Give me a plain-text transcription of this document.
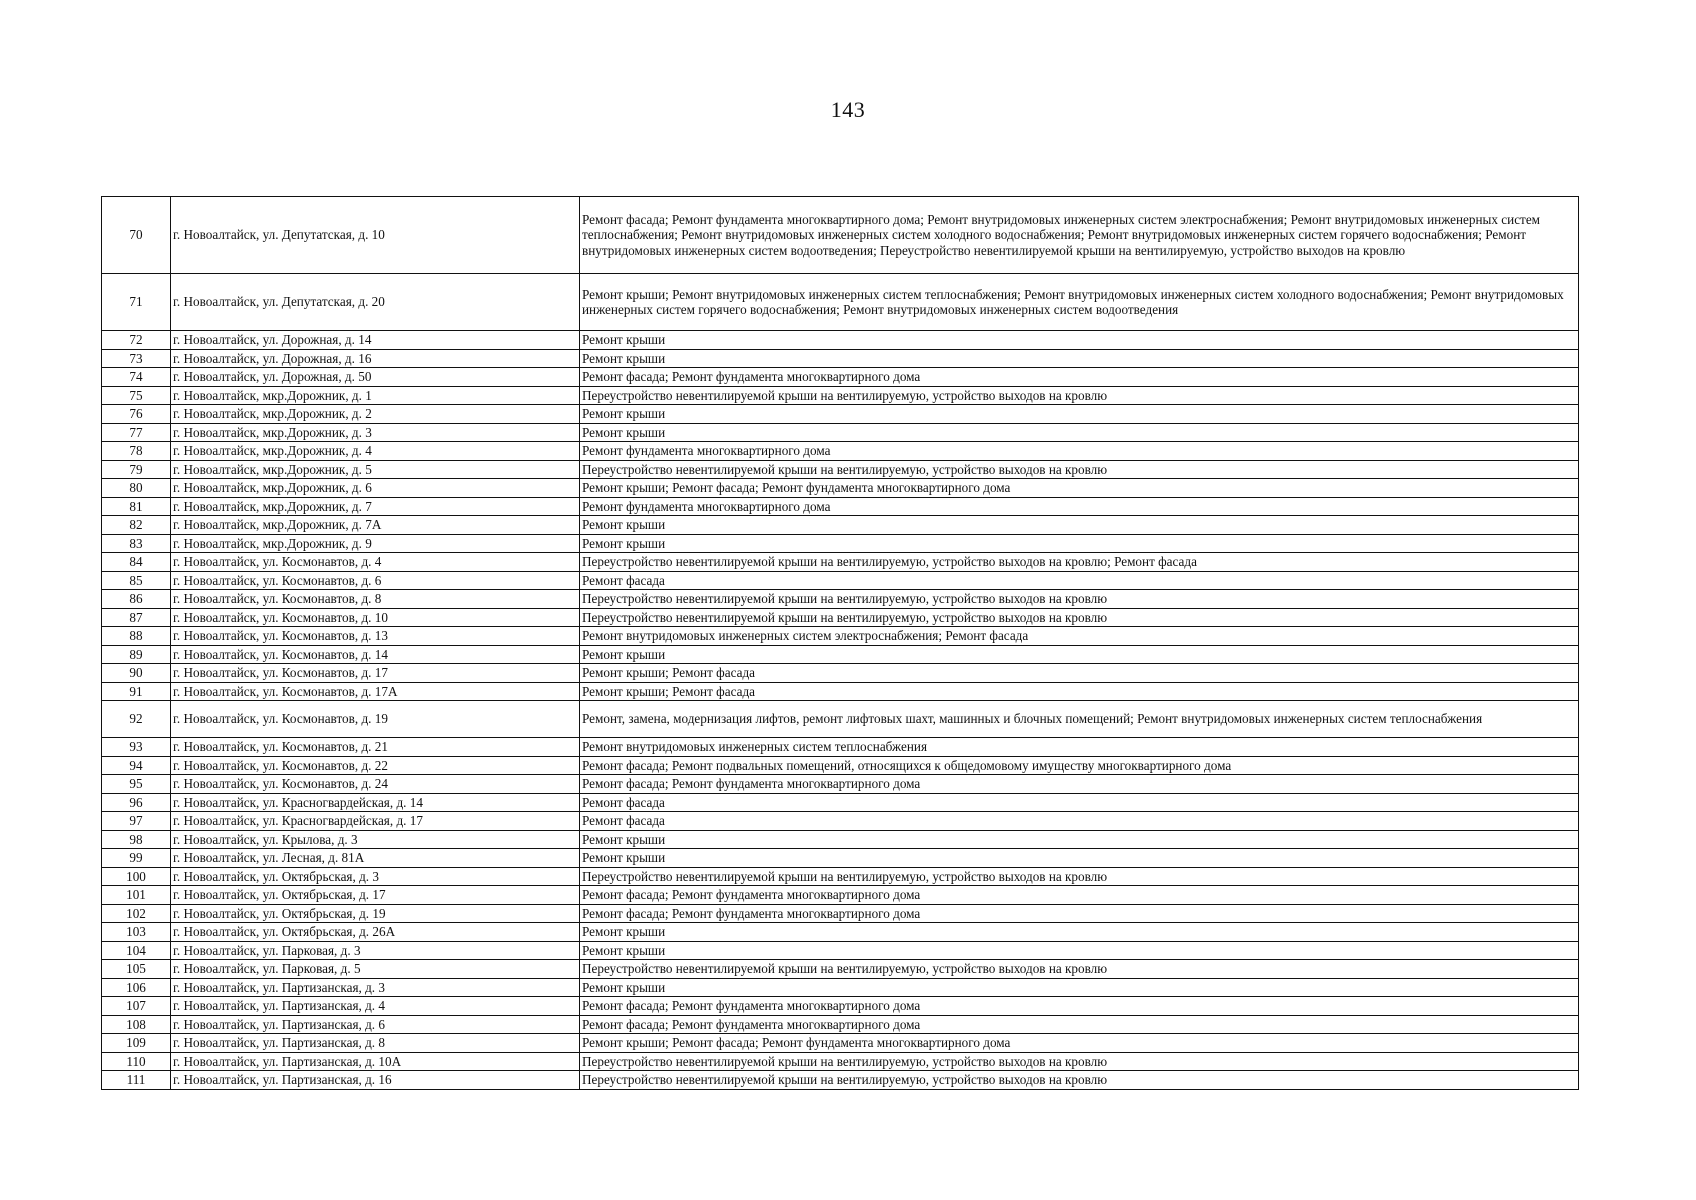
143
70	г. Новоалтайск, ул. Депутатская, д. 10	Ремонт фасада; Ремонт фундамента многоквартирного дома; Ремонт внутридомовых инженерных систем электроснабжения; Ремонт внутридомовых инженерных систем теплоснабжения; Ремонт внутридомовых инженерных систем холодного водоснабжения; Ремонт внутридомовых инженерных систем горячего водоснабжения; Ремонт внутридомовых инженерных систем водоотведения; Переустройство невентилируемой крыши на вентилируемую, устройство выходов на кровлю
71	г. Новоалтайск, ул. Депутатская, д. 20	Ремонт крыши; Ремонт внутридомовых инженерных систем теплоснабжения; Ремонт внутридомовых инженерных систем холодного водоснабжения; Ремонт внутридомовых инженерных систем горячего водоснабжения; Ремонт внутридомовых инженерных систем водоотведения
72	г. Новоалтайск, ул. Дорожная, д. 14	Ремонт крыши
73	г. Новоалтайск, ул. Дорожная, д. 16	Ремонт крыши
74	г. Новоалтайск, ул. Дорожная, д. 50	Ремонт фасада; Ремонт фундамента многоквартирного дома
75	г. Новоалтайск, мкр.Дорожник, д. 1	Переустройство невентилируемой крыши на вентилируемую, устройство выходов на кровлю
76	г. Новоалтайск, мкр.Дорожник, д. 2	Ремонт крыши
77	г. Новоалтайск, мкр.Дорожник, д. 3	Ремонт крыши
78	г. Новоалтайск, мкр.Дорожник, д. 4	Ремонт фундамента многоквартирного дома
79	г. Новоалтайск, мкр.Дорожник, д. 5	Переустройство невентилируемой крыши на вентилируемую, устройство выходов на кровлю
80	г. Новоалтайск, мкр.Дорожник, д. 6	Ремонт крыши; Ремонт фасада; Ремонт фундамента многоквартирного дома
81	г. Новоалтайск, мкр.Дорожник, д. 7	Ремонт фундамента многоквартирного дома
82	г. Новоалтайск, мкр.Дорожник, д. 7А	Ремонт крыши
83	г. Новоалтайск, мкр.Дорожник, д. 9	Ремонт крыши
84	г. Новоалтайск, ул. Космонавтов, д. 4	Переустройство невентилируемой крыши на вентилируемую, устройство выходов на кровлю; Ремонт фасада
85	г. Новоалтайск, ул. Космонавтов, д. 6	Ремонт фасада
86	г. Новоалтайск, ул. Космонавтов, д. 8	Переустройство невентилируемой крыши на вентилируемую, устройство выходов на кровлю
87	г. Новоалтайск, ул. Космонавтов, д. 10	Переустройство невентилируемой крыши на вентилируемую, устройство выходов на кровлю
88	г. Новоалтайск, ул. Космонавтов, д. 13	Ремонт внутридомовых инженерных систем электроснабжения; Ремонт фасада
89	г. Новоалтайск, ул. Космонавтов, д. 14	Ремонт крыши
90	г. Новоалтайск, ул. Космонавтов, д. 17	Ремонт крыши; Ремонт фасада
91	г. Новоалтайск, ул. Космонавтов, д. 17А	Ремонт крыши; Ремонт фасада
92	г. Новоалтайск, ул. Космонавтов, д. 19	Ремонт, замена, модернизация лифтов, ремонт лифтовых шахт, машинных и блочных помещений; Ремонт внутридомовых инженерных систем теплоснабжения
93	г. Новоалтайск, ул. Космонавтов, д. 21	Ремонт внутридомовых инженерных систем теплоснабжения
94	г. Новоалтайск, ул. Космонавтов, д. 22	Ремонт фасада; Ремонт подвальных помещений, относящихся к общедомовому имуществу многоквартирного дома
95	г. Новоалтайск, ул. Космонавтов, д. 24	Ремонт фасада; Ремонт фундамента многоквартирного дома
96	г. Новоалтайск, ул. Красногвардейская, д. 14	Ремонт фасада
97	г. Новоалтайск, ул. Красногвардейская, д. 17	Ремонт фасада
98	г. Новоалтайск, ул. Крылова, д. 3	Ремонт крыши
99	г. Новоалтайск, ул. Лесная, д. 81А	Ремонт крыши
100	г. Новоалтайск, ул. Октябрьская, д. 3	Переустройство невентилируемой крыши на вентилируемую, устройство выходов на кровлю
101	г. Новоалтайск, ул. Октябрьская, д. 17	Ремонт фасада; Ремонт фундамента многоквартирного дома
102	г. Новоалтайск, ул. Октябрьская, д. 19	Ремонт фасада; Ремонт фундамента многоквартирного дома
103	г. Новоалтайск, ул. Октябрьская, д. 26А	Ремонт крыши
104	г. Новоалтайск, ул. Парковая, д. 3	Ремонт крыши
105	г. Новоалтайск, ул. Парковая, д. 5	Переустройство невентилируемой крыши на вентилируемую, устройство выходов на кровлю
106	г. Новоалтайск, ул. Партизанская, д. 3	Ремонт крыши
107	г. Новоалтайск, ул. Партизанская, д. 4	Ремонт фасада; Ремонт фундамента многоквартирного дома
108	г. Новоалтайск, ул. Партизанская, д. 6	Ремонт фасада; Ремонт фундамента многоквартирного дома
109	г. Новоалтайск, ул. Партизанская, д. 8	Ремонт крыши; Ремонт фасада; Ремонт фундамента многоквартирного дома
110	г. Новоалтайск, ул. Партизанская, д. 10А	Переустройство невентилируемой крыши на вентилируемую, устройство выходов на кровлю
111	г. Новоалтайск, ул. Партизанская, д. 16	Переустройство невентилируемой крыши на вентилируемую, устройство выходов на кровлю
